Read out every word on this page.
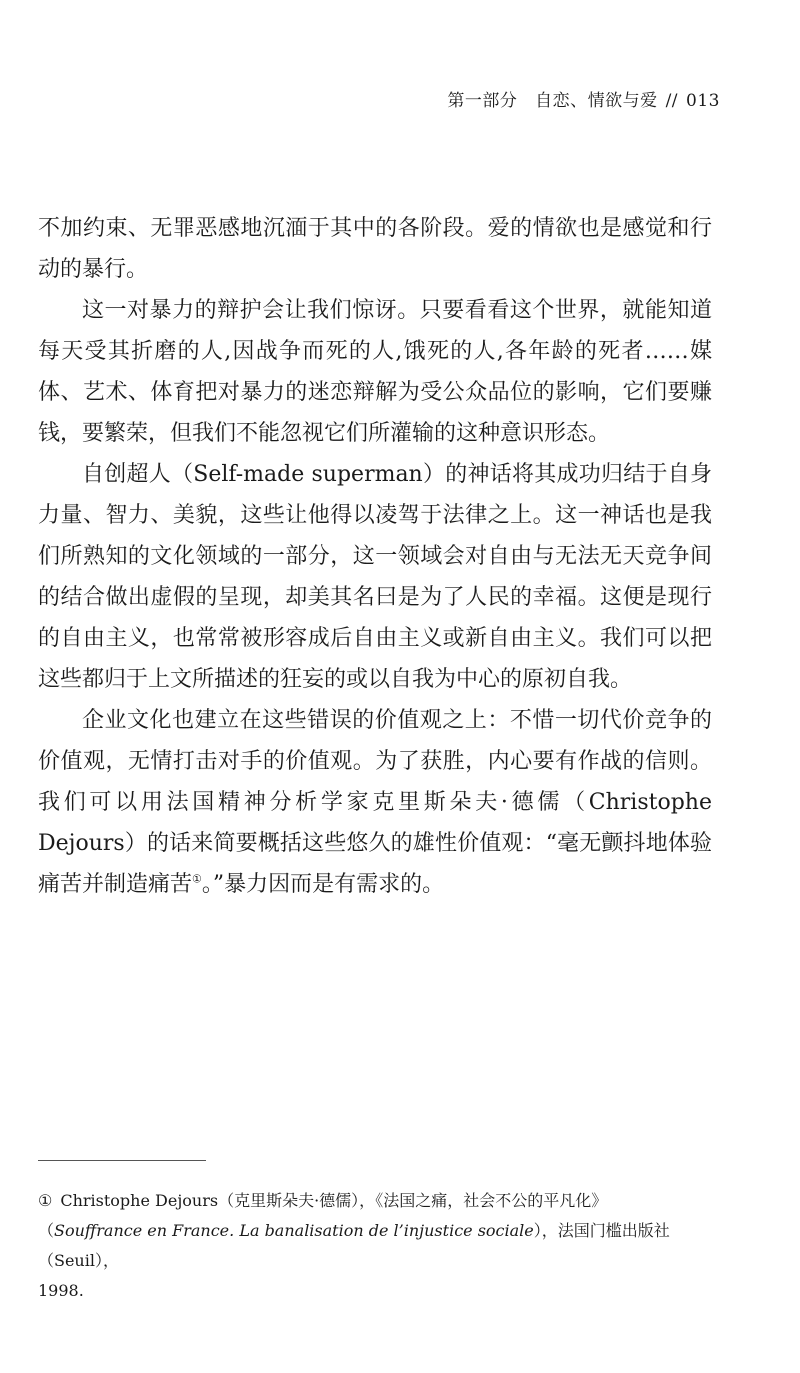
第一部分 自恋、情欲与爱 // 013

不加约束、无罪恶感地沉湎于其中的各阶段。爱的情欲也是感觉和行动的暴行。

这一对暴力的辩护会让我们惊讶。只要看看这个世界，就能知道每天受其折磨的人,因战争而死的人,饿死的人,各年龄的死者……媒体、艺术、体育把对暴力的迷恋辩解为受公众品位的影响，它们要赚钱，要繁荣，但我们不能忽视它们所灌输的这种意识形态。

自创超人（Self-made superman）的神话将其成功归结于自身力量、智力、美貌，这些让他得以凌驾于法律之上。这一神话也是我们所熟知的文化领域的一部分，这一领域会对自由与无法无天竞争间的结合做出虚假的呈现，却美其名曰是为了人民的幸福。这便是现行的自由主义，也常常被形容成后自由主义或新自由主义。我们可以把这些都归于上文所描述的狂妄的或以自我为中心的原初自我。

企业文化也建立在这些错误的价值观之上：不惜一切代价竞争的价值观，无情打击对手的价值观。为了获胜，内心要有作战的信则。我们可以用法国精神分析学家克里斯朵夫·德儒（Christophe Dejours）的话来简要概括这些悠久的雄性价值观：“毫无颤抖地体验痛苦并制造痛苦①。”暴力因而是有需求的。

① Christophe Dejours（克里斯朵夫·德儒），《法国之痛，社会不公的平凡化》
（Souffrance en France. La banalisation de l’injustice sociale），法国门槛出版社（Seuil），
1998.
